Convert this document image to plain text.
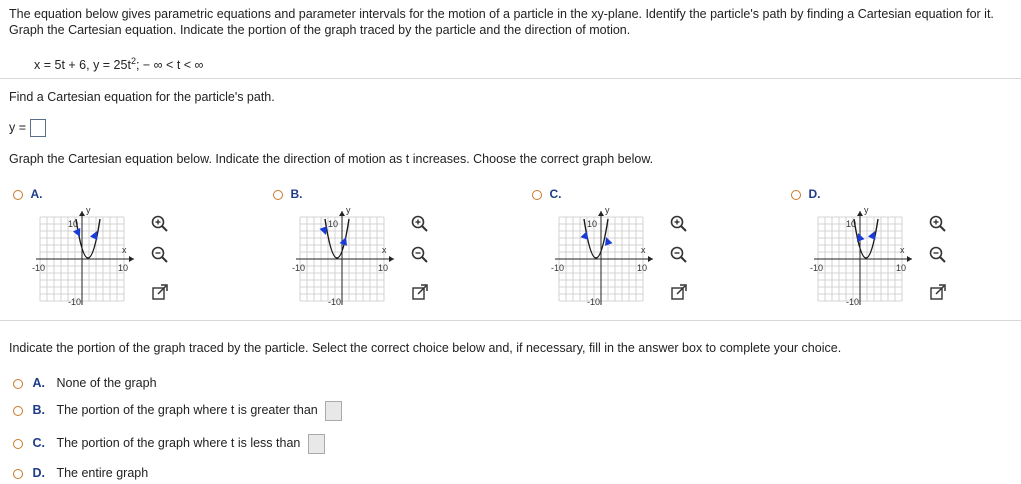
The equation below gives parametric equations and parameter intervals for the motion of a particle in the xy-plane. Identify the particle's path by finding a Cartesian equation for it. Graph the Cartesian equation. Indicate the portion of the graph traced by the particle and the direction of motion.
x = 5t + 6, $y = 25t^2$; − ∞ < t < ∞
Find a Cartesian equation for the particle's path.
y =
Graph the Cartesian equation below. Indicate the direction of motion as t increases. Choose the correct graph below.
A.
y
x
10
-10
-10	10
B.
y
x
10
-10
-10	10
C.
y
x
10
-10
-10	10
D.
y
x
10
-10
-10	10
Indicate the portion of the graph traced by the particle. Select the correct choice below and, if necessary, fill in the answer box to complete your choice.
A. None of the graph
B. The portion of the graph where t is greater than
C. The portion of the graph where t is less than
D. The entire graph
